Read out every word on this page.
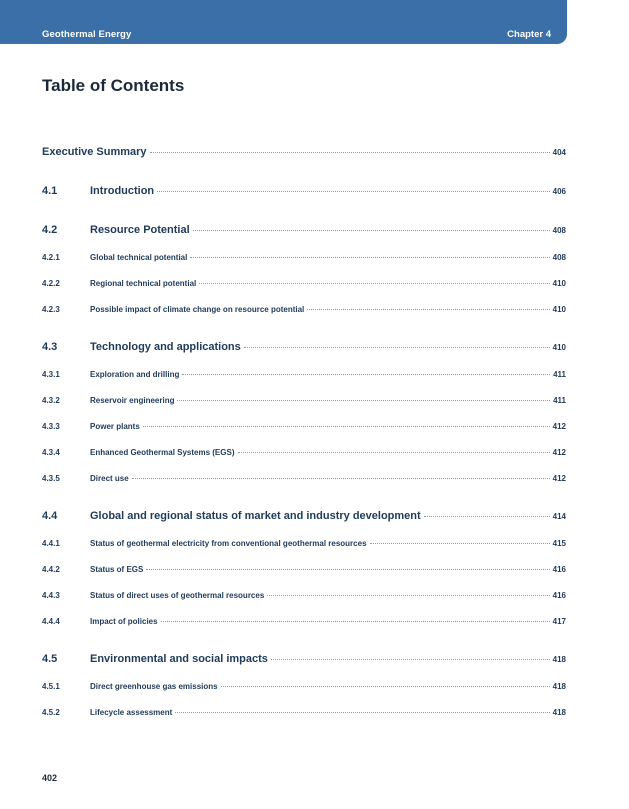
Geothermal Energy	Chapter 4
Table of Contents
Executive Summary	404
4.1	Introduction	406
4.2	Resource Potential	408
4.2.1	Global technical potential	408
4.2.2	Regional technical potential	410
4.2.3	Possible impact of climate change on resource potential	410
4.3	Technology and applications	410
4.3.1	Exploration and drilling	411
4.3.2	Reservoir engineering	411
4.3.3	Power plants	412
4.3.4	Enhanced Geothermal Systems (EGS)	412
4.3.5	Direct use	412
4.4	Global and regional status of market and industry development	414
4.4.1	Status of geothermal electricity from conventional geothermal resources	415
4.4.2	Status of EGS	416
4.4.3	Status of direct uses of geothermal resources	416
4.4.4	Impact of policies	417
4.5	Environmental and social impacts	418
4.5.1	Direct greenhouse gas emissions	418
4.5.2	Lifecycle assessment	418
402
